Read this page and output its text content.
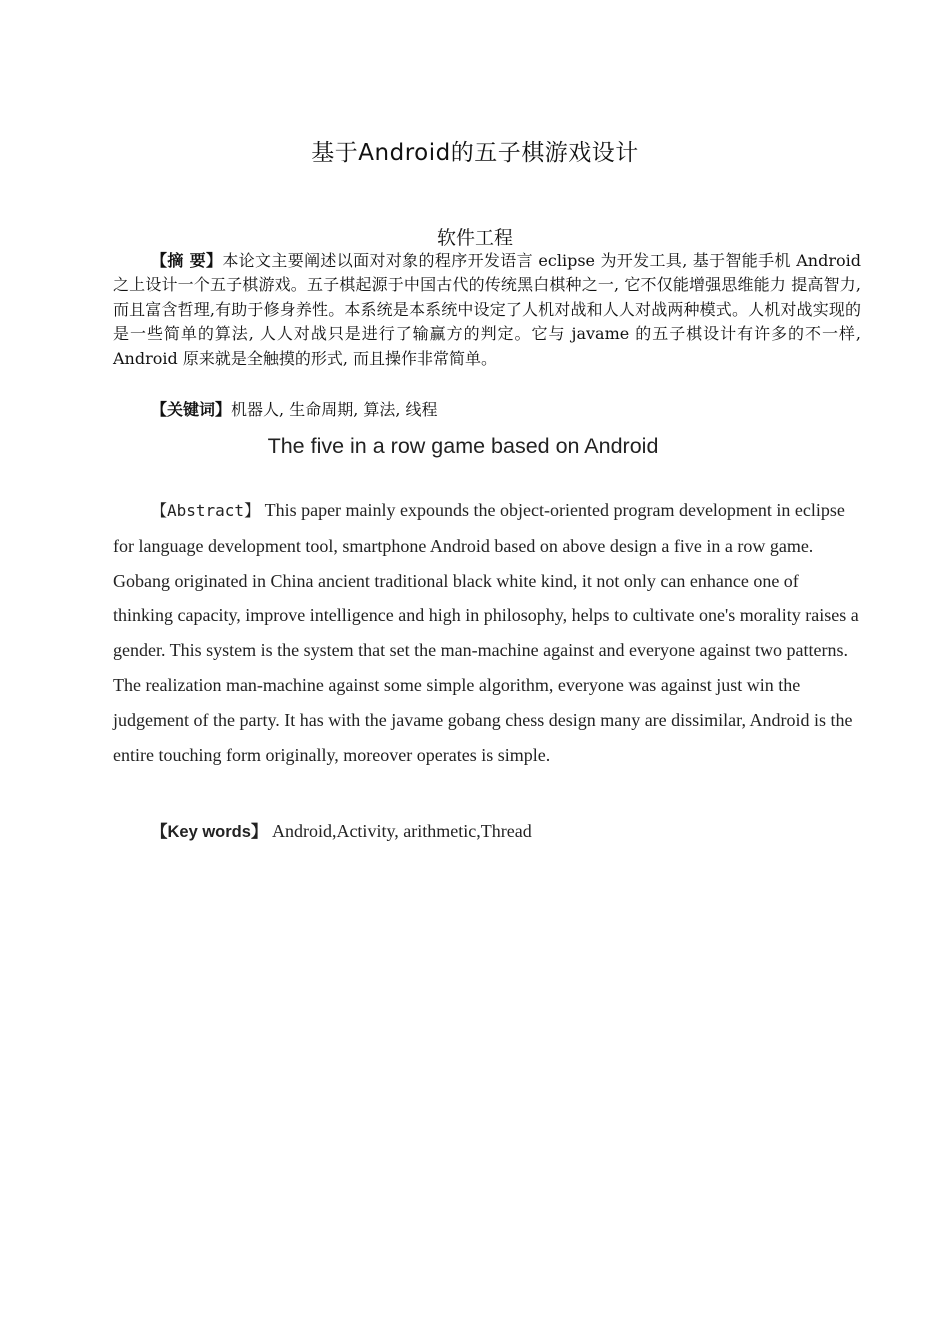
基于Android的五子棋游戏设计
软件工程

【摘 要】本论文主要阐述以面对对象的程序开发语言 eclipse 为开发工具, 基于智能手机 Android 之上设计一个五子棋游戏。五子棋起源于中国古代的传统黑白棋种之一, 它不仅能增强思维能力 提高智力,而且富含哲理,有助于修身养性。本系统是本系统中设定了人机对战和人人对战两种模式。人机对战实现的是一些简单的算法, 人人对战只是进行了输赢方的判定。它与 javame 的五子棋设计有许多的不一样, Android 原来就是全触摸的形式, 而且操作非常简单。

【关键词】机器人, 生命周期, 算法, 线程
The five in a row game based on Android

【Abstract】 This paper mainly expounds the object-oriented program development in eclipse for language development tool, smartphone Android based on above design a five in a row game. Gobang originated in China ancient traditional black white kind, it not only can enhance one of thinking capacity, improve intelligence and high in philosophy, helps to cultivate one's morality raises a gender. This system is the system that set the man-machine against and everyone against two patterns. The realization man-machine against some simple algorithm, everyone was against just win the judgement of the party. It has with the javame gobang chess design many are dissimilar, Android is the entire touching form originally, moreover operates is simple.

【Key words】 Android,Activity, arithmetic,Thread
